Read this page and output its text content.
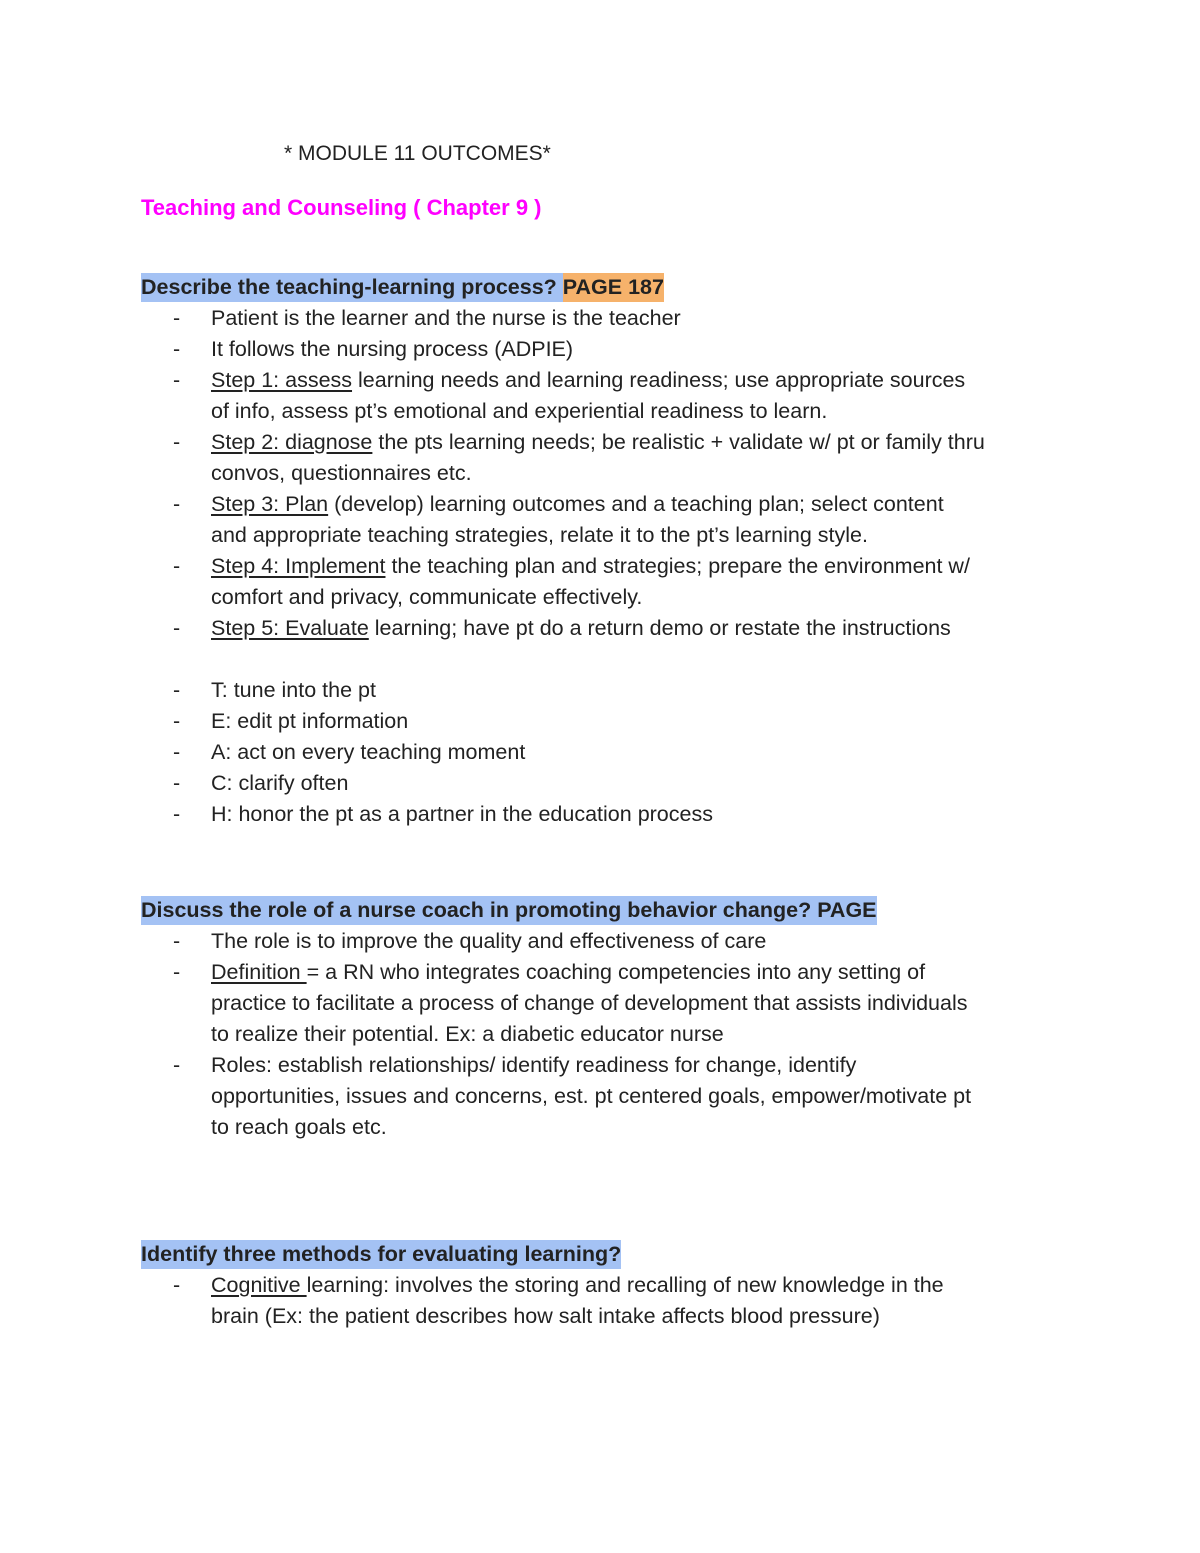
* MODULE 11 OUTCOMES*
Teaching and Counseling ( Chapter 9 )
Describe the teaching-learning process? PAGE 187
- Patient is the learner and the nurse is the teacher
- It follows the nursing process (ADPIE)
- Step 1: assess learning needs and learning readiness; use appropriate sources
of info, assess pt’s emotional and experiential readiness to learn.
- Step 2: diagnose the pts learning needs; be realistic + validate w/ pt or family thru
convos, questionnaires etc.
- Step 3: Plan (develop) learning outcomes and a teaching plan; select content
and appropriate teaching strategies, relate it to the pt’s learning style.
- Step 4: Implement the teaching plan and strategies; prepare the environment w/
comfort and privacy, communicate effectively.
- Step 5: Evaluate learning; have pt do a return demo or restate the instructions
- T: tune into the pt
- E: edit pt information
- A: act on every teaching moment
- C: clarify often
- H: honor the pt as a partner in the education process
Discuss the role of a nurse coach in promoting behavior change? PAGE
- The role is to improve the quality and effectiveness of care
- Definition = a RN who integrates coaching competencies into any setting of
practice to facilitate a process of change of development that assists individuals
to realize their potential. Ex: a diabetic educator nurse
- Roles: establish relationships/ identify readiness for change, identify
opportunities, issues and concerns, est. pt centered goals, empower/motivate pt
to reach goals etc.
Identify three methods for evaluating learning?
- Cognitive learning: involves the storing and recalling of new knowledge in the
brain (Ex: the patient describes how salt intake affects blood pressure)
